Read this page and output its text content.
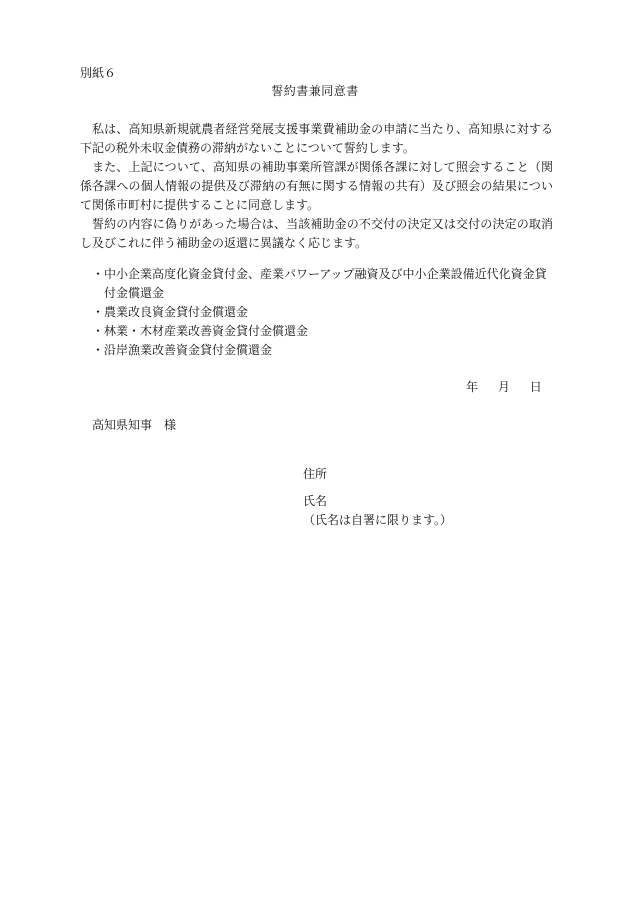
別紙６
誓約書兼同意書

私は、高知県新規就農者経営発展支援事業費補助金の申請に当たり、高知県に対する下記の税外未収金債務の滞納がないことについて誓約します。

また、上記について、高知県の補助事業所管課が関係各課に対して照会すること（関係各課への個人情報の提供及び滞納の有無に関する情報の共有）及び照会の結果について関係市町村に提供することに同意します。

誓約の内容に偽りがあった場合は、当該補助金の不交付の決定又は交付の決定の取消し及びこれに伴う補助金の返還に異議なく応じます。

・中小企業高度化資金貸付金、産業パワーアップ融資及び中小企業設備近代化資金貸付金償還金
・農業改良資金貸付金償還金
・林業・木材産業改善資金貸付金償還金
・沿岸漁業改善資金貸付金償還金
年 月 日
高知県知事　様
住所
氏名
（氏名は自署に限ります。）
